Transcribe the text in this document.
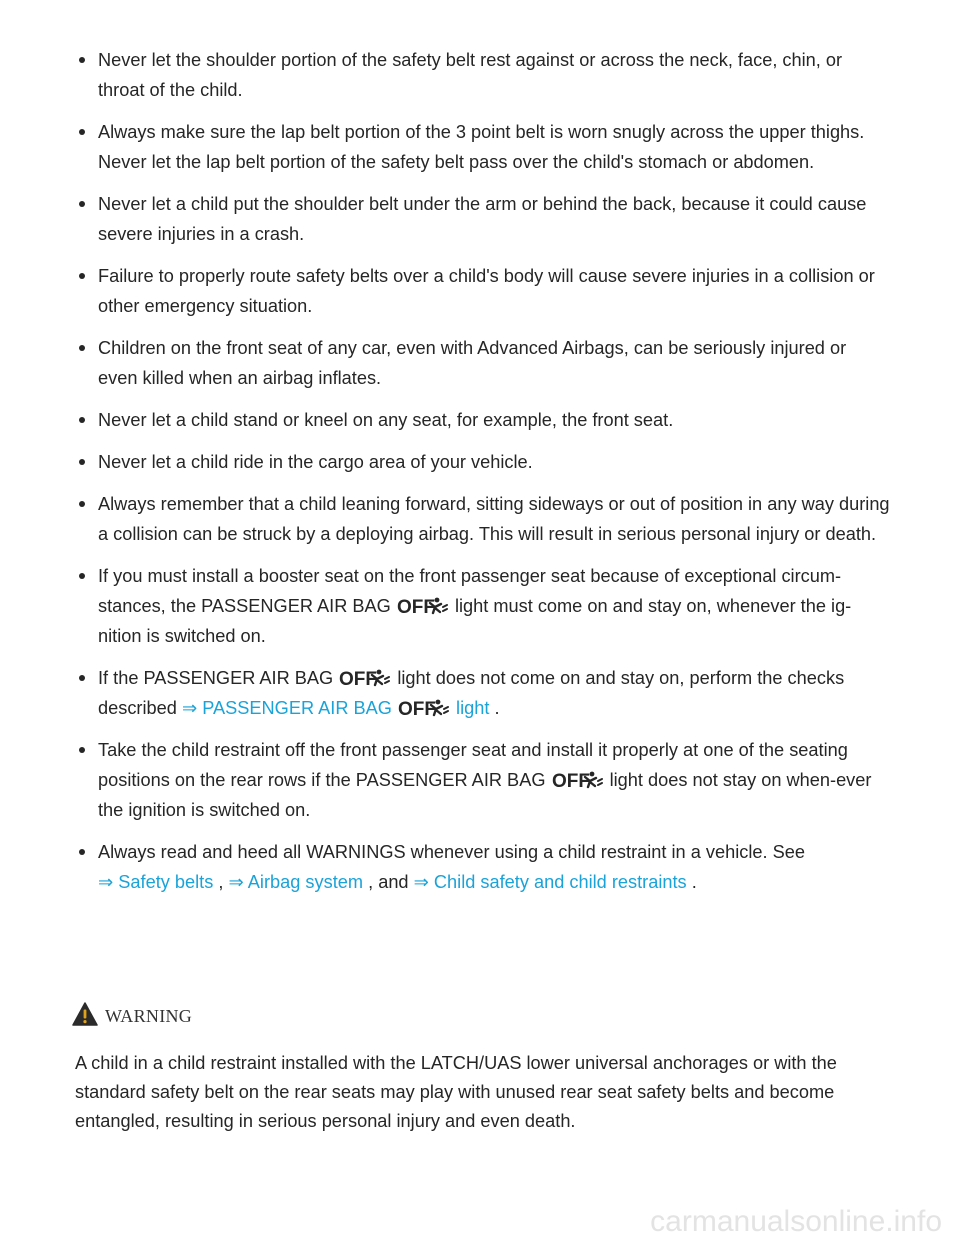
Never let the shoulder portion of the safety belt rest against or across the neck, face, chin, or throat of the child.
Always make sure the lap belt portion of the 3 point belt is worn snugly across the upper thighs. Never let the lap belt portion of the safety belt pass over the child's stomach or abdomen.
Never let a child put the shoulder belt under the arm or behind the back, because it could cause severe injuries in a crash.
Failure to properly route safety belts over a child's body will cause severe injuries in a collision or other emergency situation.
Children on the front seat of any car, even with Advanced Airbags, can be seriously injured or even killed when an airbag inflates.
Never let a child stand or kneel on any seat, for example, the front seat.
Never let a child ride in the cargo area of your vehicle.
Always remember that a child leaning forward, sitting sideways or out of position in any way during a collision can be struck by a deploying airbag. This will result in serious personal injury or death.
If you must install a booster seat on the front passenger seat because of exceptional circum-stances, the PASSENGER AIR BAG OFF light must come on and stay on, whenever the ig-nition is switched on.
If the PASSENGER AIR BAG OFF light does not come on and stay on, perform the checks described ⇒ PASSENGER AIR BAG OFF light .
Take the child restraint off the front passenger seat and install it properly at one of the seating positions on the rear rows if the PASSENGER AIR BAG OFF light does not stay on when-ever the ignition is switched on.
Always read and heed all WARNINGS whenever using a child restraint in a vehicle. See
⇒ Safety belts , ⇒ Airbag system , and ⇒ Child safety and child restraints .
WARNING

A child in a child restraint installed with the LATCH/UAS lower universal anchorages or with the standard safety belt on the rear seats may play with unused rear seat safety belts and become entangled, resulting in serious personal injury and even death.

carmanualsonline.info
